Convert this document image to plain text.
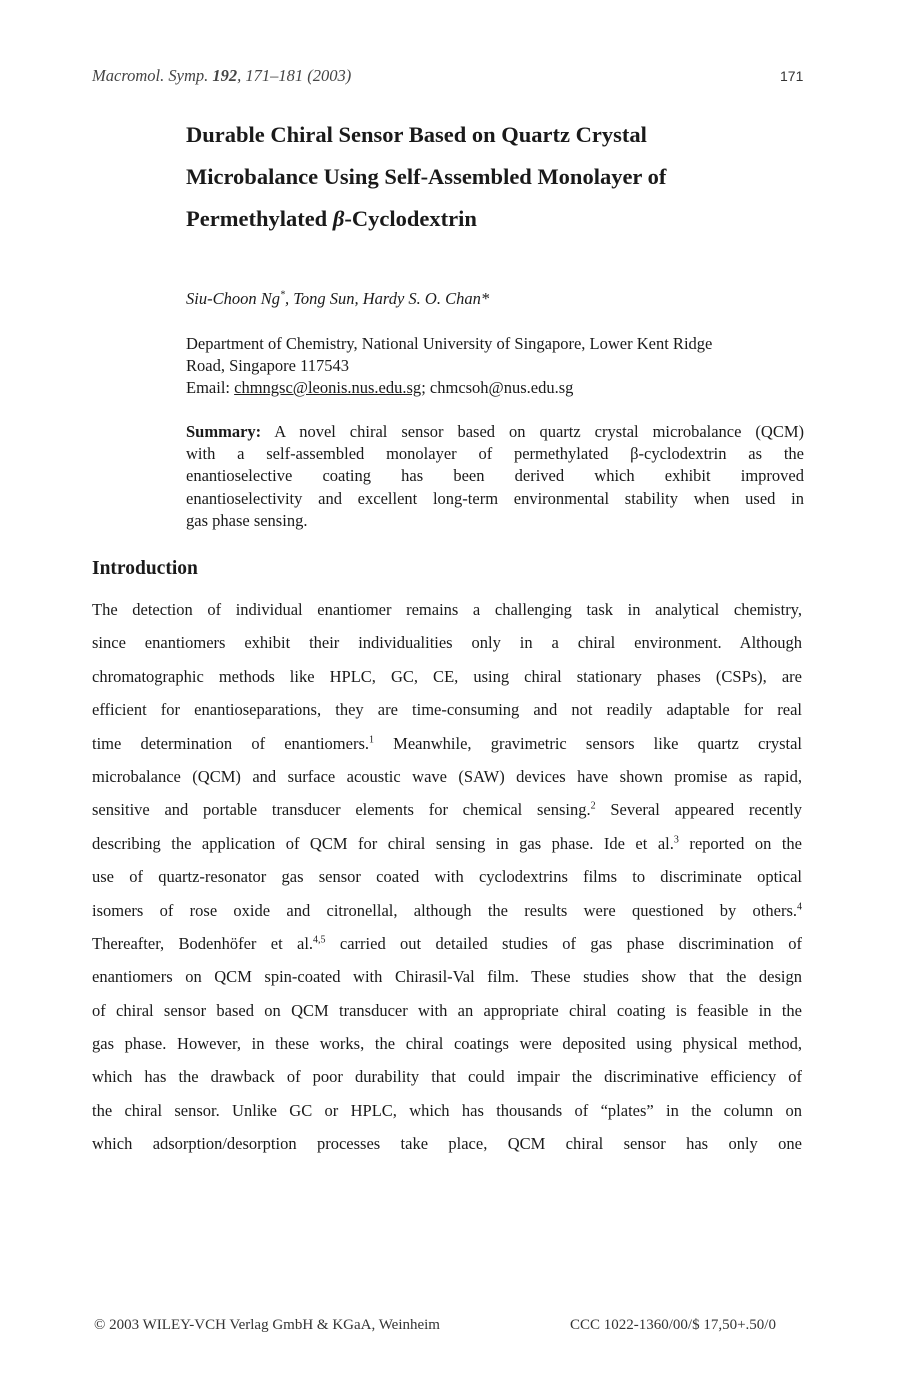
Macromol. Symp. 192, 171–181 (2003)	171
Durable Chiral Sensor Based on Quartz Crystal
Microbalance Using Self-Assembled Monolayer of
Permethylated β-Cyclodextrin
Siu-Choon Ng*, Tong Sun, Hardy S. O. Chan*
Department of Chemistry, National University of Singapore, Lower Kent Ridge
Road, Singapore 117543
Email: chmngsc@leonis.nus.edu.sg; chmcsoh@nus.edu.sg
Summary: A novel chiral sensor based on quartz crystal microbalance (QCM)
with a self-assembled monolayer of permethylated β-cyclodextrin as the
enantioselective coating has been derived which exhibit improved
enantioselectivity and excellent long-term environmental stability when used in
gas phase sensing.
Introduction
The detection of individual enantiomer remains a challenging task in analytical chemistry,
since enantiomers exhibit their individualities only in a chiral environment. Although
chromatographic methods like HPLC, GC, CE, using chiral stationary phases (CSPs), are
efficient for enantioseparations, they are time-consuming and not readily adaptable for real
time determination of enantiomers.$^1$ Meanwhile, gravimetric sensors like quartz crystal
microbalance (QCM) and surface acoustic wave (SAW) devices have shown promise as rapid,
sensitive and portable transducer elements for chemical sensing.$^2$ Several appeared recently
describing the application of QCM for chiral sensing in gas phase. Ide et al.$^3$ reported on the
use of quartz-resonator gas sensor coated with cyclodextrins films to discriminate optical
isomers of rose oxide and citronellal, although the results were questioned by others.$^4$
Thereafter, Bodenhöfer et al.$^{4,5}$ carried out detailed studies of gas phase discrimination of
enantiomers on QCM spin-coated with Chirasil-Val film. These studies show that the design
of chiral sensor based on QCM transducer with an appropriate chiral coating is feasible in the
gas phase. However, in these works, the chiral coatings were deposited using physical method,
which has the drawback of poor durability that could impair the discriminative efficiency of
the chiral sensor. Unlike GC or HPLC, which has thousands of “plates” in the column on
which adsorption/desorption processes take place, QCM chiral sensor has only one
© 2003 WILEY-VCH Verlag GmbH & KGaA, Weinheim	CCC 1022-1360/00/$ 17,50+.50/0
